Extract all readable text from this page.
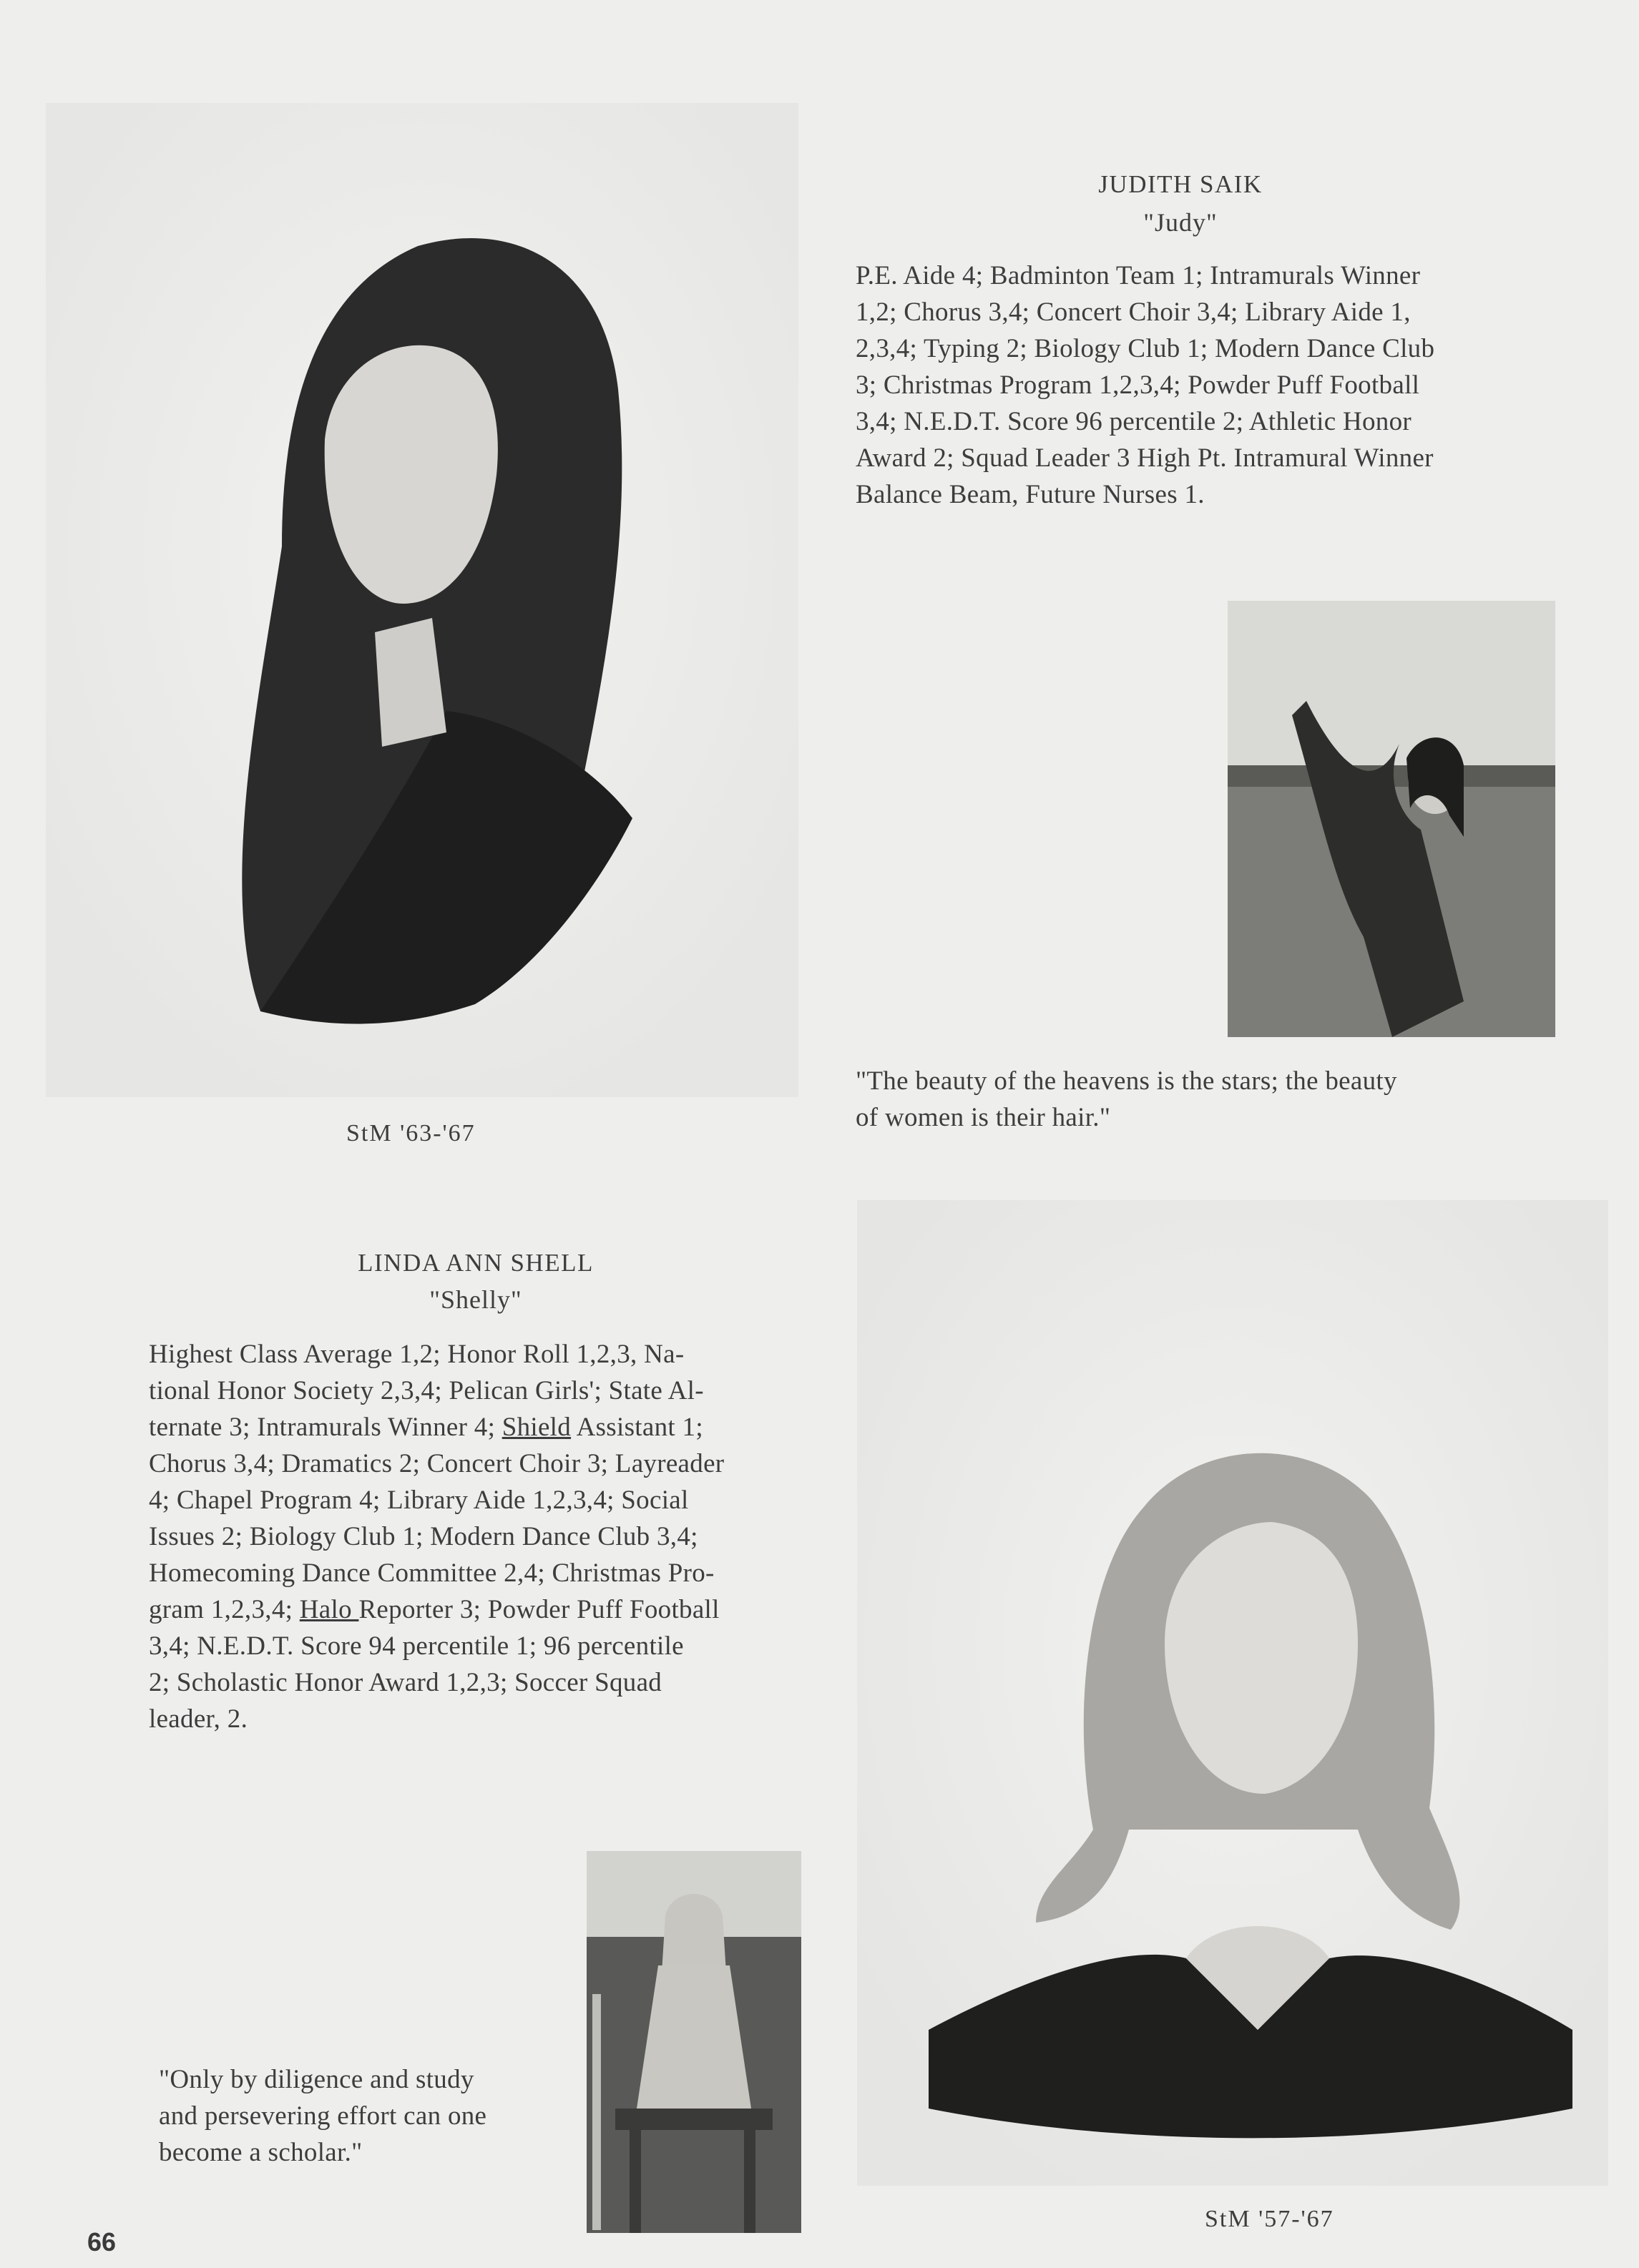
JUDITH SAIK
"Judy"
P.E. Aide 4; Badminton Team 1; Intramurals Winner
1,2; Chorus 3,4; Concert Choir 3,4; Library Aide 1,
2,3,4; Typing 2; Biology Club 1; Modern Dance Club
3; Christmas Program 1,2,3,4; Powder Puff Football
3,4; N.E.D.T. Score 96 percentile 2; Athletic Honor
Award 2; Squad Leader 3 High Pt. Intramural Winner
Balance Beam, Future Nurses 1.
"The beauty of the heavens is the stars; the beauty
of women is their hair."
StM '63-'67
LINDA ANN SHELL
"Shelly"
Highest Class Average 1,2; Honor Roll 1,2,3, Na-
tional Honor Society 2,3,4; Pelican Girls'; State Al-
ternate 3; Intramurals Winner 4; Shield Assistant 1;
Chorus 3,4; Dramatics 2; Concert Choir 3; Layreader
4; Chapel Program 4; Library Aide 1,2,3,4; Social
Issues 2; Biology Club 1; Modern Dance Club 3,4;
Homecoming Dance Committee 2,4; Christmas Pro-
gram 1,2,3,4; Halo Reporter 3; Powder Puff Football
3,4; N.E.D.T. Score 94 percentile 1; 96 percentile
2; Scholastic Honor Award 1,2,3; Soccer Squad
leader, 2.
"Only by diligence and study
and persevering effort can one
become a scholar."
StM '57-'67
66
